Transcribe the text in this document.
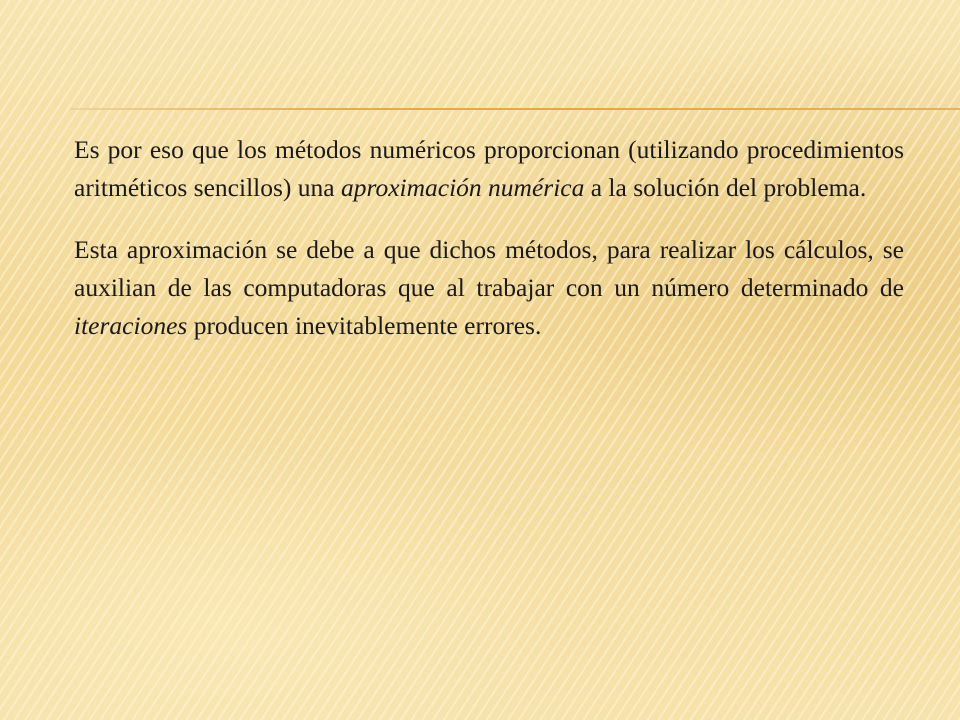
Es por eso que los métodos numéricos proporcionan (utilizando procedimientos aritméticos sencillos) una aproximación numérica a la solución del problema.

Esta aproximación se debe a que dichos métodos, para realizar los cálculos, se auxilian de las computadoras que al trabajar con un número determinado de iteraciones producen inevitablemente errores.
